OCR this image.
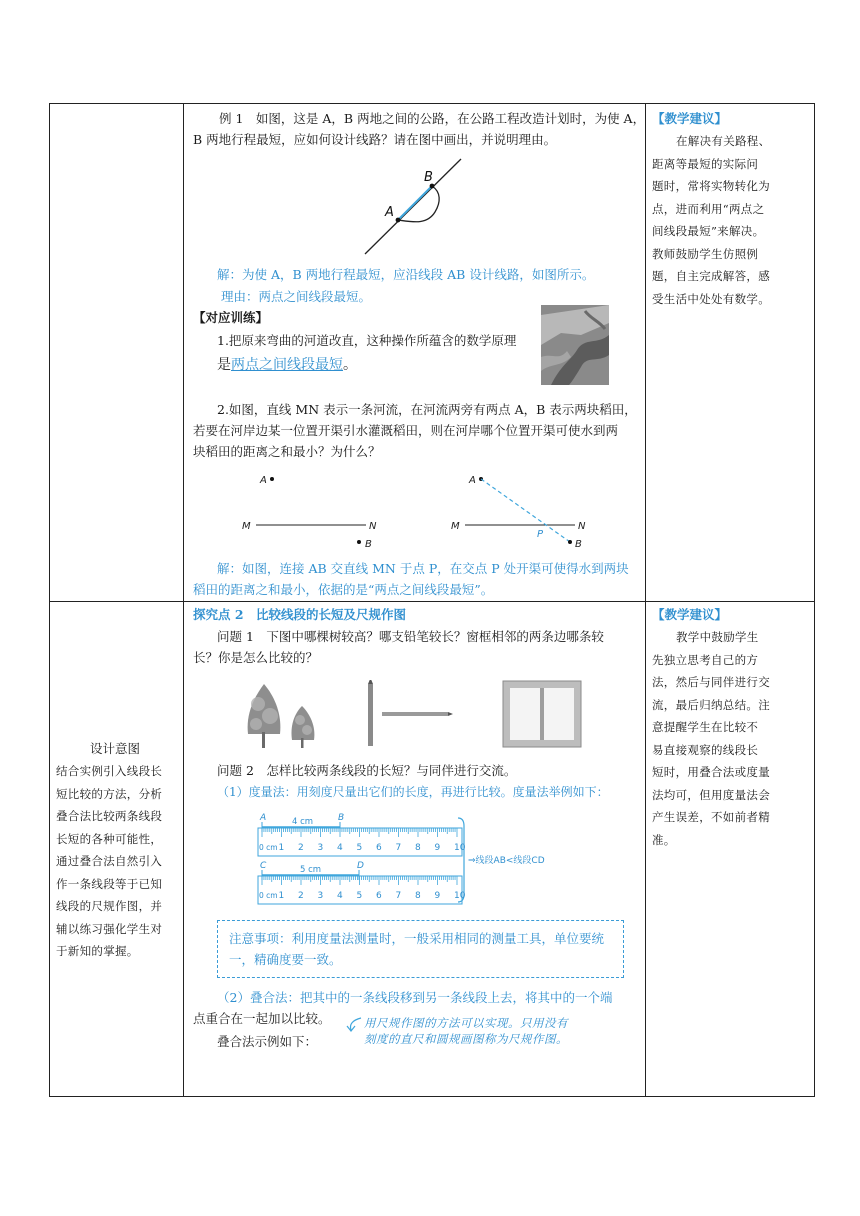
例 1　如图，这是 A，B 两地之间的公路，在公路工程改造计划时，为使 A，
B 两地行程最短，应如何设计线路？请在图中画出，并说明理由。
A
B
解：为使 A，B 两地行程最短，应沿线段 AB 设计线路，如图所示。
理由：两点之间线段最短。
【对应训练】
1.把原来弯曲的河道改直，这种操作所蕴含的数学原理
是两点之间线段最短。
2.如图，直线 MN 表示一条河流，在河流两旁有两点 A，B 表示两块稻田，
若要在河岸边某一位置开渠引水灌溉稻田，则在河岸哪个位置开渠可使水到两
块稻田的距离之和最小？为什么？
A
M	N
B
A
M	N
P
B
解：如图，连接 AB 交直线 MN 于点 P，在交点 P 处开渠可使得水到两块
稻田的距离之和最小，依据的是“两点之间线段最短”。
【教学建议】
在解决有关路程、
距离等最短的实际问
题时，常将实物转化为
点，进而利用“两点之
间线段最短”来解决。
教师鼓励学生仿照例
题，自主完成解答，感
受生活中处处有数学。
设计意图
结合实例引入线段长
短比较的方法，分析
叠合法比较两条线段
长短的各种可能性，
通过叠合法自然引入
作一条线段等于已知
线段的尺规作图，并
辅以练习强化学生对
于新知的掌握。
探究点 2　比较线段的长短及尺规作图
问题 1　下图中哪棵树较高？哪支铅笔较长？窗框相邻的两条边哪条较
长？你是怎么比较的？
问题 2　怎样比较两条线段的长短？与同伴进行交流。
（1）度量法：用刻度尺量出它们的长度，再进行比较。度量法举例如下：
A	B
4 cm
0 cm 1 2 3 4 5 6 7 8 9 10
C	D
5 cm
0 cm 1 2 3 4 5 6 7 8 9 10
⇒线段AB<线段CD
注意事项：利用度量法测量时，一般采用相同的测量工具，单位要统
一，精确度要一致。
（2）叠合法：把其中的一条线段移到另一条线段上去，将其中的一个端
点重合在一起加以比较。
叠合法示例如下：
用尺规作图的方法可以实现。只用没有
刻度的直尺和圆规画图称为尺规作图。
【教学建议】
教学中鼓励学生
先独立思考自己的方
法，然后与同伴进行交
流，最后归纳总结。注
意提醒学生在比较不
易直接观察的线段长
短时，用叠合法或度量
法均可，但用度量法会
产生误差，不如前者精
准。
